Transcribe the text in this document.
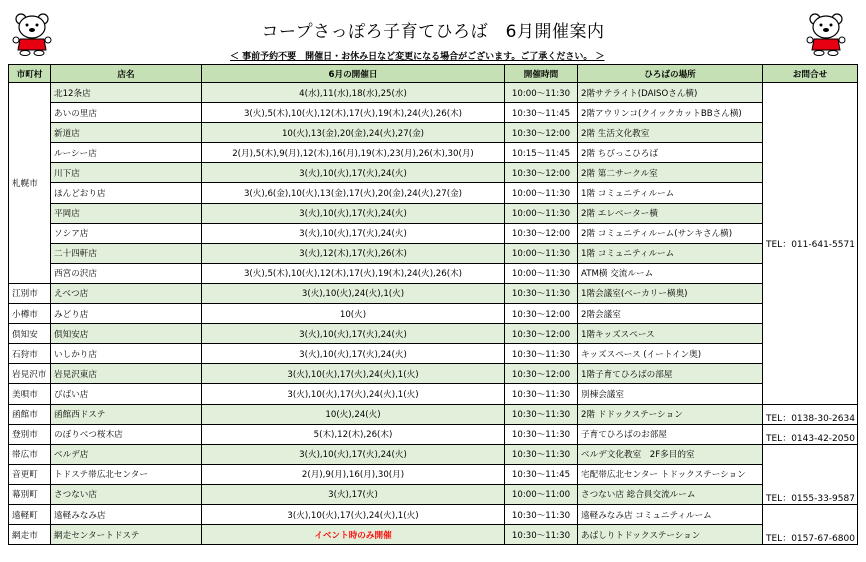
コープさっぽろ子育てひろば　6月開催案内
＜ 事前予約不要　開催日・お休み日など変更になる場合がございます。ご了承ください。 ＞
市町村	店名	6月の開催日	開催時間	ひろばの場所	お問合せ
札幌市	北12条店	4(水),11(水),18(水),25(水)	10:00～11:30	2階サテライト(DAISOさん横)	TEL：011-641-5571
	あいの里店	3(火),5(木),10(火),12(木),17(火),19(木),24(火),26(木)	10:30～11:45	2階アウリンコ(クイックカットBBさん横)	
	新道店	10(火),13(金),20(金),24(火),27(金)	10:30～12:00	2階 生活文化教室	
	ルーシー店	2(月),5(木),9(月),12(木),16(月),19(木),23(月),26(木),30(月)	10:15～11:45	2階 ちびっこひろば	
	川下店	3(火),10(火),17(火),24(火)	10:30～12:00	2階 第二サークル室	
	ほんどおり店	3(火),6(金),10(火),13(金),17(火),20(金),24(火),27(金)	10:00～11:30	1階 コミュニティルーム	
	平岡店	3(火),10(火),17(火),24(火)	10:00～11:30	2階 エレベーター横	
	ソシア店	3(火),10(火),17(火),24(火)	10:30～12:00	2階 コミュニティルーム(サンキさん横)	
	二十四軒店	3(火),12(木),17(火),26(木)	10:00～11:30	1階 コミュニティルーム	
	西宮の沢店	3(火),5(木),10(火),12(木),17(火),19(木),24(火),26(木)	10:00～11:30	ATM横 交流ルーム	
江別市	えべつ店	3(火),10(火),24(火),1(火)	10:30～11:30	1階会議室(ベーカリー横奥)	
小樽市	みどり店	10(火)	10:30～12:00	2階会議室	
倶知安	倶知安店	3(火),10(火),17(火),24(火)	10:30～12:00	1階キッズスペース	
石狩市	いしかり店	3(火),10(火),17(火),24(火)	10:30～11:30	キッズスペース (イートイン奥)	
岩見沢市	岩見沢東店	3(火),10(火),17(火),24(火),1(火)	10:30～12:00	1階子育てひろばの部屋	
美唄市	びばい店	3(火),10(火),17(火),24(火),1(火)	10:30～11:30	別棟会議室	
函館市	函館西ドステ	10(火),24(火)	10:30～11:30	2階 ドドックステーション	TEL：0138-30-2634
登別市	のぼりべつ桜木店	5(木),12(木),26(木)	10:30～11:30	子育てひろばのお部屋	TEL：0143-42-2050
帯広市	ベルデ店	3(火),10(火),17(火),24(火)	10:30～11:30	ベルデ文化教室　2F多目的室	TEL：0155-33-9587
音更町	トドステ帯広北センター	2(月),9(月),16(月),30(月)	10:30～11:45	宅配帯広北センター トドックステーション	
幕別町	さつない店	3(火),17(火)	10:00～11:00	さつない店 総合員交流ルーム	
遠軽町	遠軽みなみ店	3(火),10(火),17(火),24(火),1(火)	10:30～11:30	遠軽みなみ店 コミュニティルーム	TEL：0157-67-6800
網走市	網走センタートドステ	イベント時のみ開催	10:30～11:30	あばしりトドックステーション	
